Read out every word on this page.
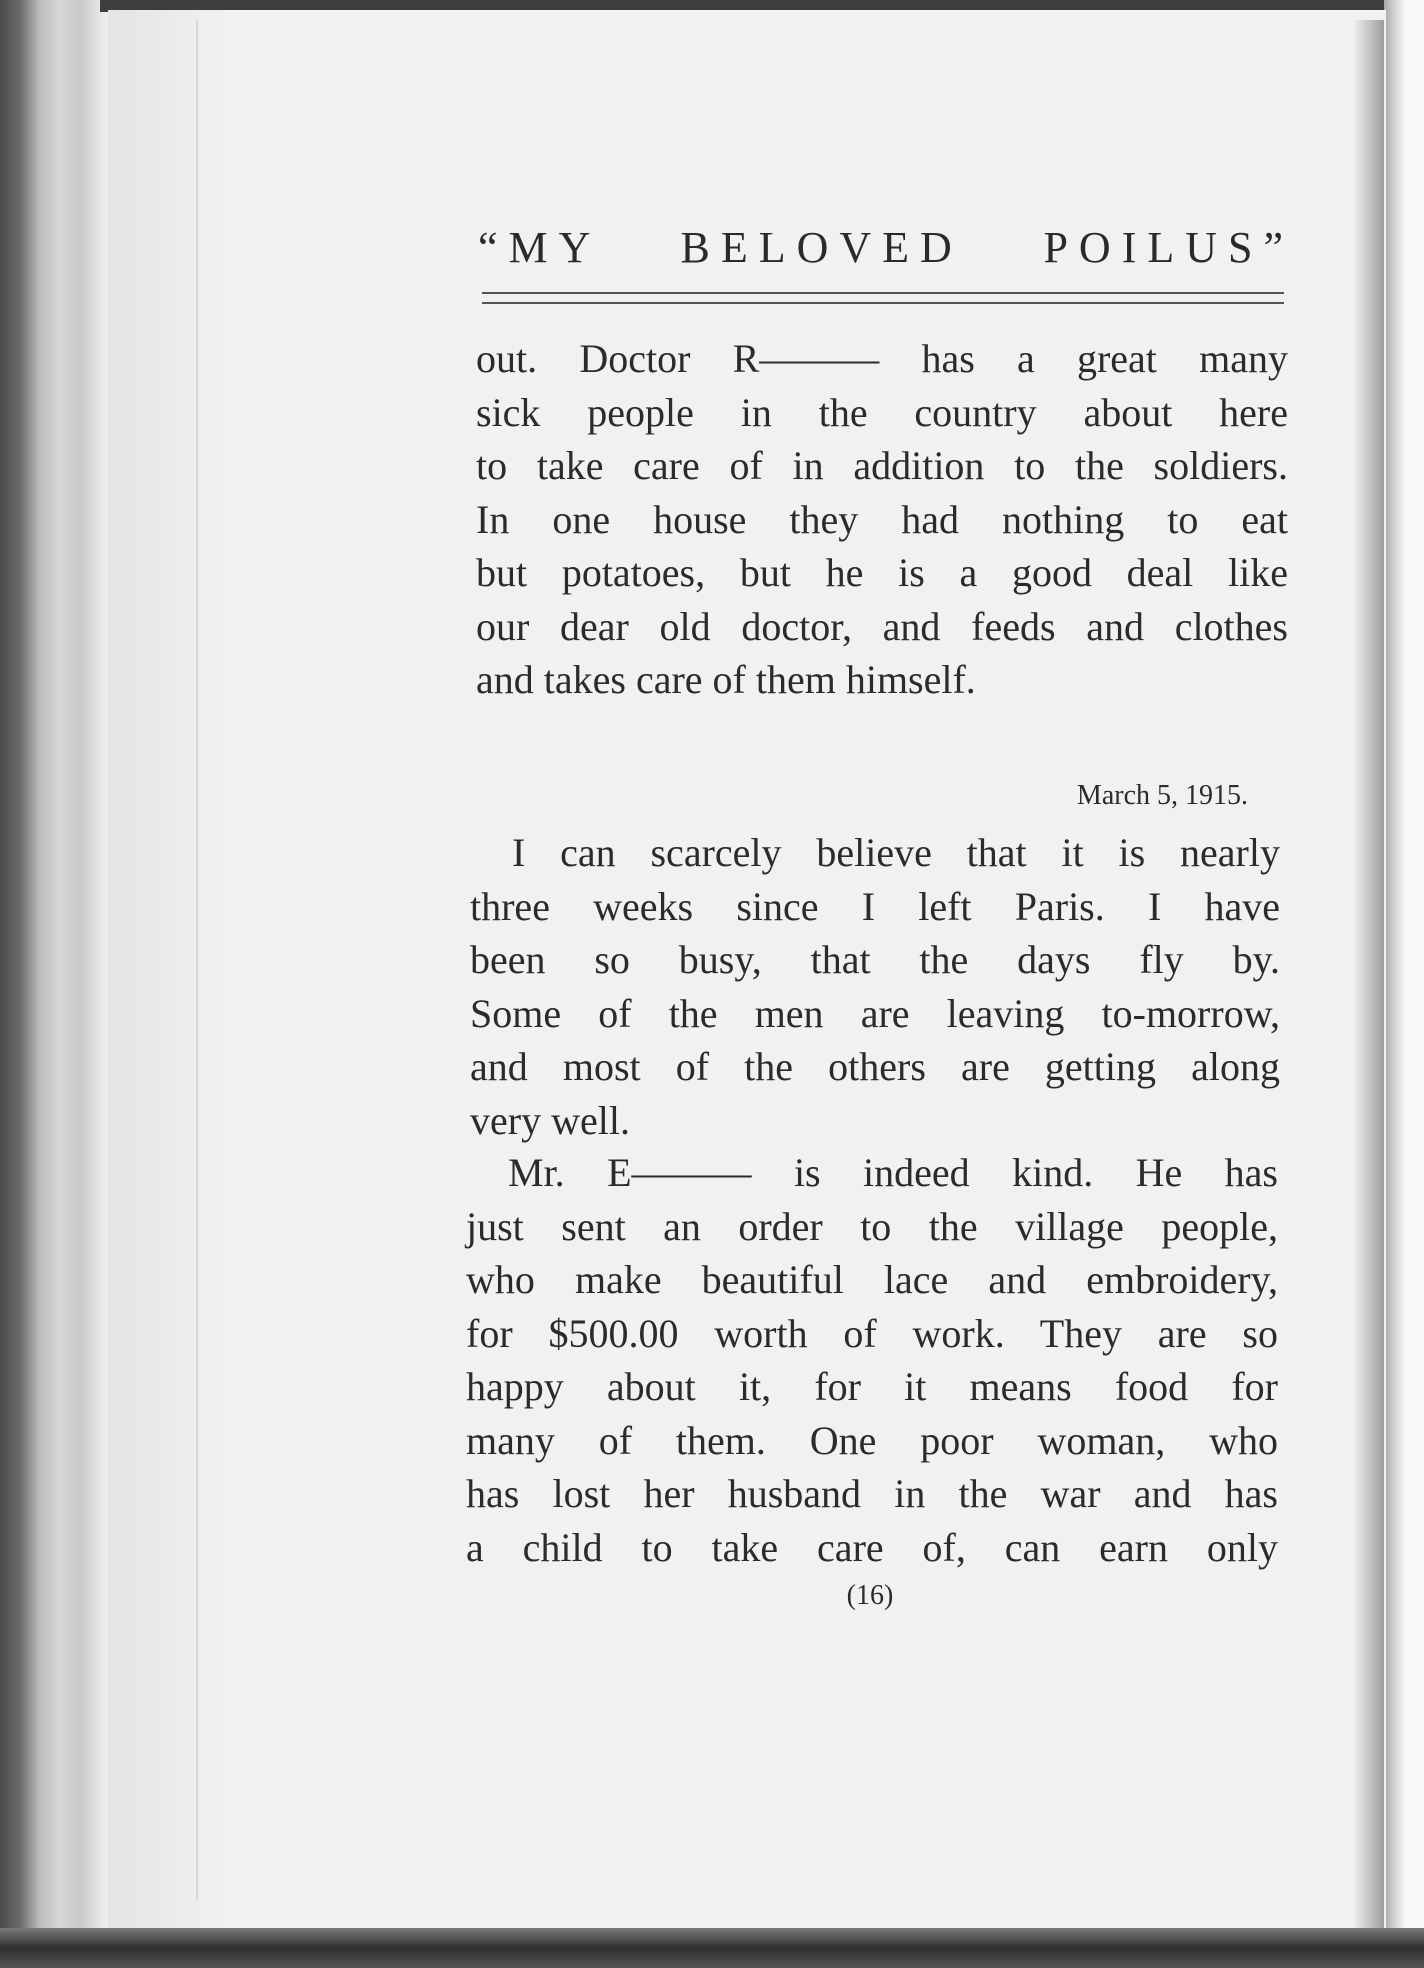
“MY BELOVED POILUS”
out. Doctor R——— has a great many
sick people in the country about here
to take care of in addition to the soldiers.
In one house they had nothing to eat
but potatoes, but he is a good deal like
our dear old doctor, and feeds and clothes
and takes care of them himself.

March 5, 1915.

I can scarcely believe that it is nearly
three weeks since I left Paris. I have
been so busy, that the days fly by.
Some of the men are leaving to-morrow,
and most of the others are getting along
very well.
Mr. E——— is indeed kind. He has
just sent an order to the village people,
who make beautiful lace and embroidery,
for $500.00 worth of work. They are so
happy about it, for it means food for
many of them. One poor woman, who
has lost her husband in the war and has
a child to take care of, can earn only

(16)
